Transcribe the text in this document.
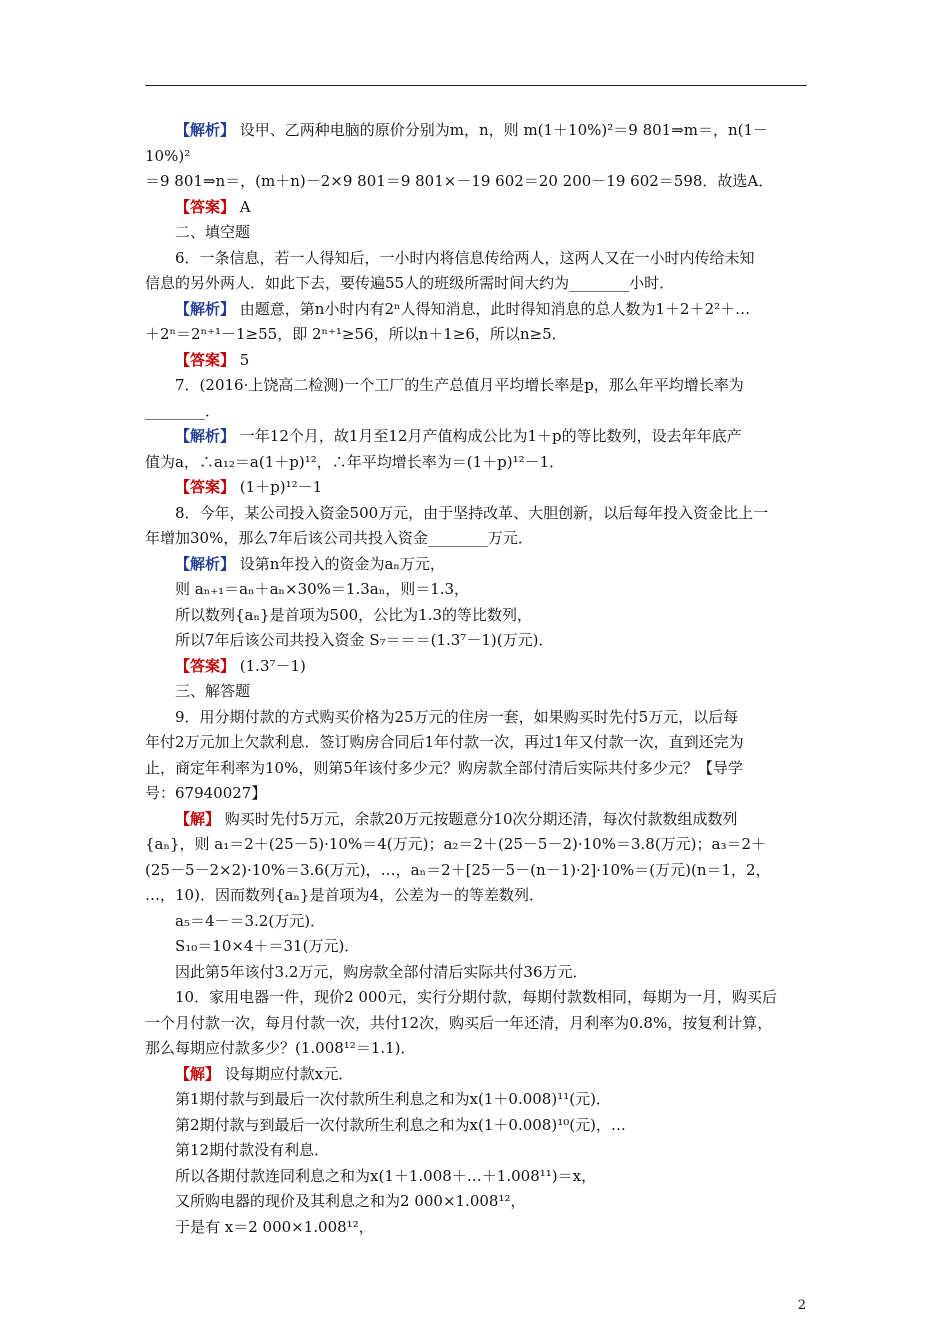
【解析】 设甲、乙两种电脑的原价分别为m，n，则 m(1＋10%)²＝9 801⇒m＝，n(1－10%)²
＝9 801⇒n＝，(m＋n)－2×9 801＝9 801×－19 602＝20 200－19 602＝598．故选A．
【答案】 A
二、填空题
6．一条信息，若一人得知后，一小时内将信息传给两人，这两人又在一小时内传给未知
信息的另外两人．如此下去，要传遍55人的班级所需时间大约为________小时．
【解析】 由题意，第n小时内有2ⁿ人得知消息，此时得知消息的总人数为1＋2＋2²＋…
＋2ⁿ＝2ⁿ⁺¹－1≥55，即 2ⁿ⁺¹≥56，所以n＋1≥6，所以n≥5．
【答案】 5
7．(2016·上饶高二检测)一个工厂的生产总值月平均增长率是p，那么年平均增长率为
________．
【解析】 一年12个月，故1月至12月产值构成公比为1＋p的等比数列，设去年年底产
值为a，∴a₁₂＝a(1＋p)¹²，∴年平均增长率为＝(1＋p)¹²－1．
【答案】 (1＋p)¹²－1
8．今年，某公司投入资金500万元，由于坚持改革、大胆创新，以后每年投入资金比上一
年增加30%，那么7年后该公司共投入资金________万元．
【解析】 设第n年投入的资金为aₙ万元，
则 aₙ₊₁＝aₙ＋aₙ×30%＝1.3aₙ，则＝1.3，
所以数列{aₙ}是首项为500，公比为1.3的等比数列，
所以7年后该公司共投入资金 S₇＝＝＝(1.3⁷－1)(万元)．
【答案】 (1.3⁷－1)
三、解答题
9．用分期付款的方式购买价格为25万元的住房一套，如果购买时先付5万元，以后每
年付2万元加上欠款利息．签订购房合同后1年付款一次，再过1年又付款一次，直到还完为
止，商定年利率为10%，则第5年该付多少元？购房款全部付清后实际共付多少元？【导学
号：67940027】
【解】 购买时先付5万元，余款20万元按题意分10次分期还清，每次付款数组成数列
{aₙ}，则 a₁＝2＋(25－5)·10%＝4(万元)；a₂＝2＋(25－5－2)·10%＝3.8(万元)；a₃＝2＋
(25－5－2×2)·10%＝3.6(万元)，…，aₙ＝2＋[25－5－(n－1)·2]·10%＝(万元)(n＝1，2，
…，10)．因而数列{aₙ}是首项为4，公差为－的等差数列．
a₅＝4－＝3.2(万元)．
S₁₀＝10×4＋＝31(万元)．
因此第5年该付3.2万元，购房款全部付清后实际共付36万元．
10．家用电器一件，现价2 000元，实行分期付款，每期付款数相同，每期为一月，购买后
一个月付款一次，每月付款一次，共付12次，购买后一年还清，月利率为0.8%，按复利计算，
那么每期应付款多少？(1.008¹²＝1.1)．
【解】 设每期应付款x元．
第1期付款与到最后一次付款所生利息之和为x(1＋0.008)¹¹(元)．
第2期付款与到最后一次付款所生利息之和为x(1＋0.008)¹⁰(元)，…
第12期付款没有利息．
所以各期付款连同利息之和为x(1＋1.008＋…＋1.008¹¹)＝x，
又所购电器的现价及其利息之和为2 000×1.008¹²，
于是有 x＝2 000×1.008¹²，
2
